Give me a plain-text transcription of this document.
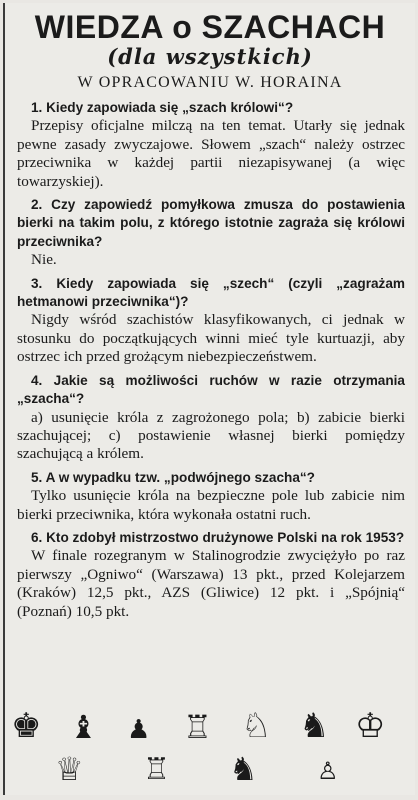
WIEDZA o SZACHACH
(dla wszystkich)
W OPRACOWANIU W. HORAINA

1. Kiedy zapowiada się „szach królowi“?

Przepisy oficjalne milczą na ten temat. Utarły się jednak pewne zasady zwyczajowe. Słowem „szach“ należy ostrzec przeciwnika w każdej partii niezapisywanej (a więc towarzyskiej).

2. Czy zapowiedź pomyłkowa zmusza do postawienia bierki na takim polu, z którego istotnie zagraża się królowi przeciwnika?

Nie.

3. Kiedy zapowiada się „szech“ (czyli „zagrażam hetmanowi przeciwnika“)?

Nigdy wśród szachistów klasyfikowanych, ci jednak w stosunku do początkujących winni mieć tyle kurtuazji, aby ostrzec ich przed grożącym niebezpieczeństwem.

4. Jakie są możliwości ruchów w razie otrzymania „szacha“?

a) usunięcie króla z zagrożonego pola; b) zabicie bierki szachującej; c) postawienie własnej bierki pomiędzy szachującą a królem.

5. A w wypadku tzw. „podwójnego szacha“?

Tylko usunięcie króla na bezpieczne pole lub zabicie nim bierki przeciwnika, która wykonała ostatni ruch.

6. Kto zdobył mistrzostwo drużynowe Polski na rok 1953?

W finale rozegranym w Stalinogrodzie zwyciężyło po raz pierwszy „Ogniwo“ (Warszawa) 13 pkt., przed Kolejarzem (Kraków) 12,5 pkt., AZS (Gliwice) 12 pkt. i „Spójnią“ (Poznań) 10,5 pkt.

♚ ♝ ♟ ♖ ♘ ♞ ♔
♕ ♖ ♞ ♙
